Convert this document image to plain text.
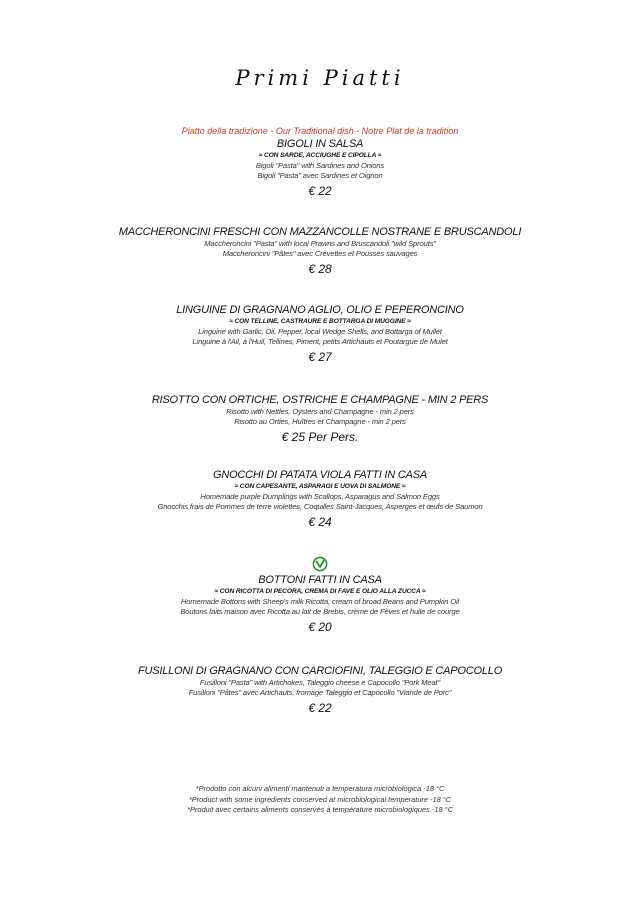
Primi Piatti
Piatto della tradizione - Our Traditional dish - Notre Plat de la tradition
BIGOLI IN SALSA
≈ CON SARDE, ACCIUGHE E CIPOLLA ≈
Bigoli "Pasta" with Sardines and Onions
Bigoli "Pasta" avec Sardines et Oignon
€ 22
MACCHERONCINI FRESCHI CON MAZZANCOLLE NOSTRANE E BRUSCANDOLI
Maccheroncini "Pasta" with local Prawns and Bruscandoli "wild Sprouts"
Maccheroncini "Pâtes" avec Crevettes et Pousses sauvages
€ 28
LINGUINE DI GRAGNANO AGLIO, OLIO E PEPERONCINO
≈ CON TELLINE, CASTRAURE E BOTTARGA DI MUGGINE ≈
Linguine with Garlic, Oil, Pepper, local Wedge Shells, and Bottarga of Mullet
Linguine à l'Ail, à l'Huil, Tellines, Piment, petits Artichauts et Poutargue de Mulet
€ 27
RISOTTO CON ORTICHE, OSTRICHE E CHAMPAGNE - MIN 2 PERS
Risotto with Nettles, Oysters and Champagne - min 2 pers
Risotto au Orties, Huîtres et Champagne - min 2 pers
€ 25 Per Pers.
GNOCCHI DI PATATA VIOLA FATTI IN CASA
≈ CON CAPESANTE, ASPARAGI E UOVA DI SALMONE ≈
Homemade purple Dumplings with Scallops, Asparagus and Salmon Eggs
Gnocchis frais de Pommes de terre violettes, Coquilles Saint-Jacques, Asperges et œufs de Saumon
€ 24
BOTTONI FATTI IN CASA
≈ CON RICOTTA DI PECORA, CREMA DI FAVE E OLIO ALLA ZUCCA ≈
Homemade Bottons with Sheep's milk Ricotta, cream of broad Beans and Pumpkin Oil
Boutons faits maison avec Ricotta au lait de Brebis, crème de Fèves et huile de courge
€ 20
FUSILLONI DI GRAGNANO CON CARCIOFINI, TALEGGIO E CAPOCOLLO
Fusilloni "Pasta" with Artichokes, Taleggio cheese e Capocollo "Pork Meat"
Fusilloni "Pâtes" avec Artichauts, fromage Taleggio et Capocollo "Viande de Porc"
€ 22
*Prodotto con alcuni alimenti mantenuti a temperatura microbiologica -18 °C
*Product with some ingredients conserved at microbiological temperature -18 °C
*Produit avec certains aliments conservés à température microbiologiques -18 °C
